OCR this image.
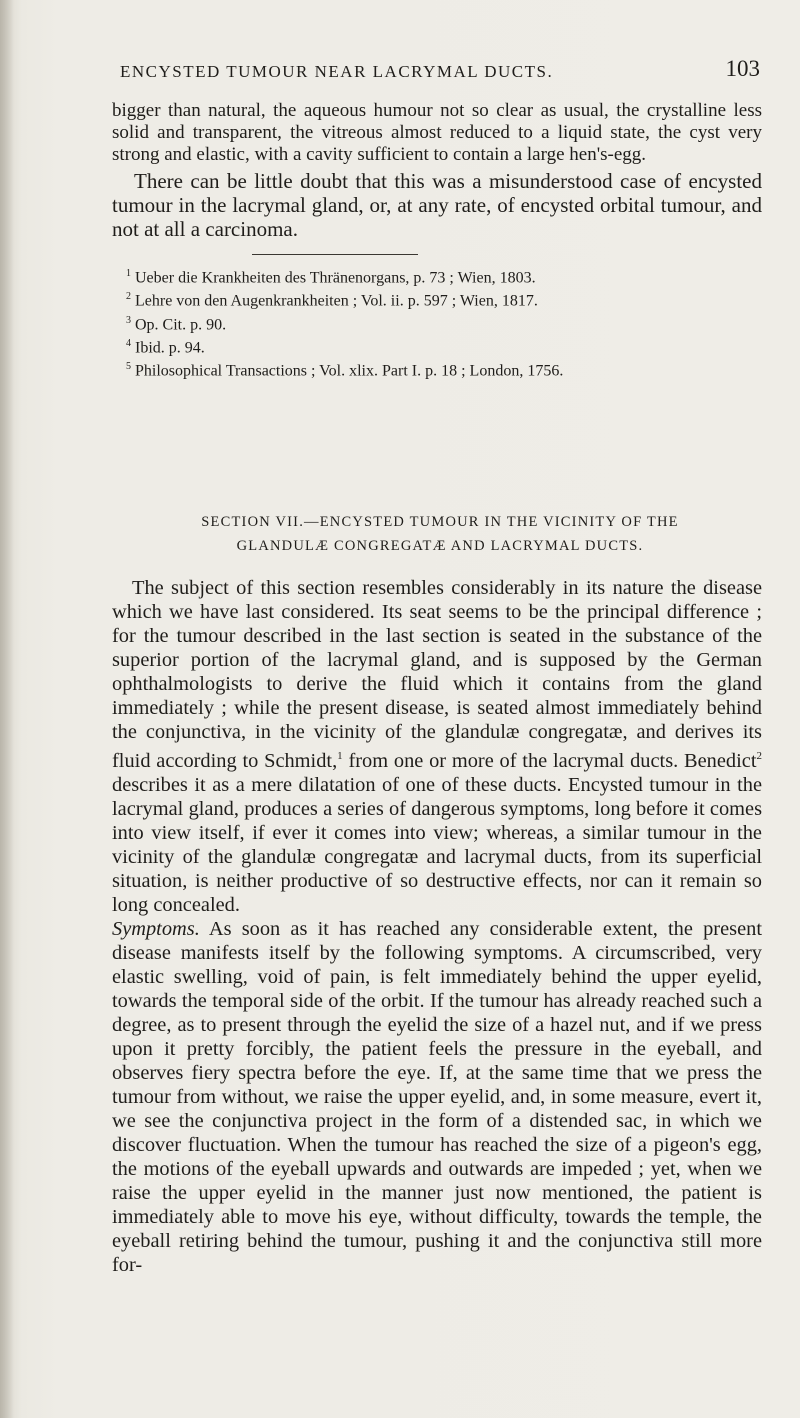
ENCYSTED TUMOUR NEAR LACRYMAL DUCTS.	103

bigger than natural, the aqueous humour not so clear as usual, the crystalline less solid and transparent, the vitreous almost reduced to a liquid state, the cyst very strong and elastic, with a cavity sufficient to contain a large hen's-egg.

There can be little doubt that this was a misunderstood case of encysted tumour in the lacrymal gland, or, at any rate, of encysted orbital tumour, and not at all a carcinoma.

$^1$ Ueber die Krankheiten des Thränenorgans, p. 73 ; Wien, 1803.

$^2$ Lehre von den Augenkrankheiten ; Vol. ii. p. 597 ; Wien, 1817.

$^3$ Op. Cit. p. 90.

$^4$ Ibid. p. 94.

$^5$ Philosophical Transactions ; Vol. xlix. Part I. p. 18 ; London, 1756.

SECTION VII.—ENCYSTED TUMOUR IN THE VICINITY OF THE
GLANDULÆ CONGREGATÆ AND LACRYMAL DUCTS.

The subject of this section resembles considerably in its nature the disease which we have last considered. Its seat seems to be the principal difference ; for the tumour described in the last section is seated in the substance of the superior portion of the lacrymal gland, and is supposed by the German ophthalmologists to derive the fluid which it contains from the gland immediately ; while the present disease, is seated almost immediately behind the conjunctiva, in the vicinity of the glandulæ congregatæ, and derives its fluid according to Schmidt,$^1$ from one or more of the lacrymal ducts. Benedict$^2$ describes it as a mere dilatation of one of these ducts. Encysted tumour in the lacrymal gland, produces a series of dangerous symptoms, long before it comes into view itself, if ever it comes into view; whereas, a similar tumour in the vicinity of the glandulæ congregatæ and lacrymal ducts, from its superficial situation, is neither productive of so destructive effects, nor can it remain so long concealed.

Symptoms. As soon as it has reached any considerable extent, the present disease manifests itself by the following symptoms. A circumscribed, very elastic swelling, void of pain, is felt immediately behind the upper eyelid, towards the temporal side of the orbit. If the tumour has already reached such a degree, as to present through the eyelid the size of a hazel nut, and if we press upon it pretty forcibly, the patient feels the pressure in the eyeball, and observes fiery spectra before the eye. If, at the same time that we press the tumour from without, we raise the upper eyelid, and, in some measure, evert it, we see the conjunctiva project in the form of a distended sac, in which we discover fluctuation. When the tumour has reached the size of a pigeon's egg, the motions of the eyeball upwards and outwards are impeded ; yet, when we raise the upper eyelid in the manner just now mentioned, the patient is immediately able to move his eye, without difficulty, towards the temple, the eyeball retiring behind the tumour, pushing it and the conjunctiva still more for-
